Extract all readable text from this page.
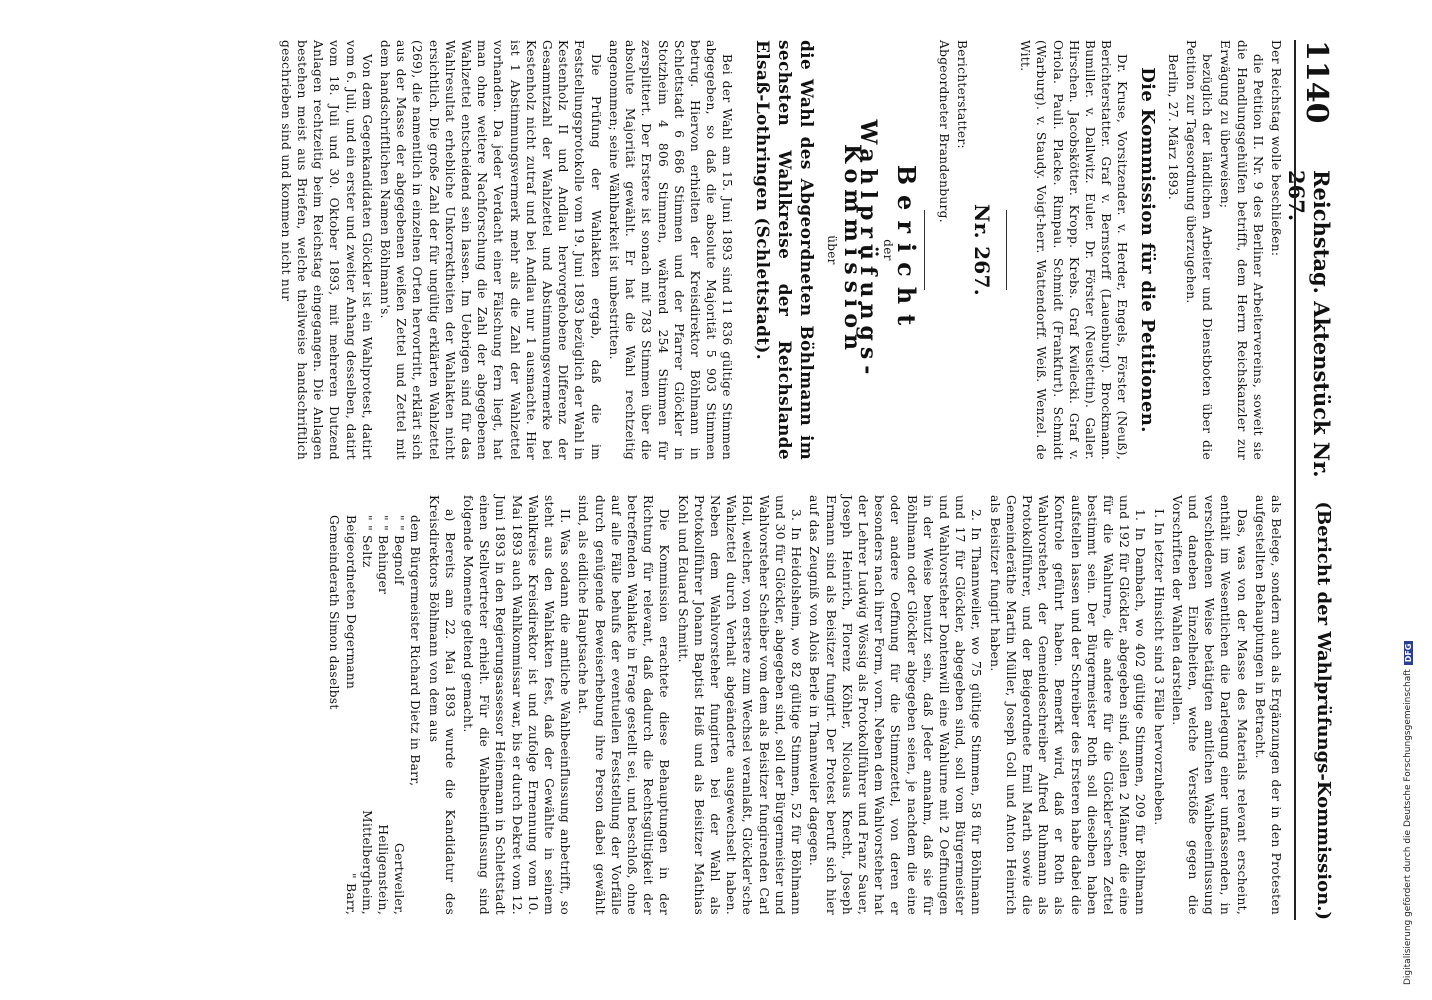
1140
Reichstag. Aktenstück Nr. 267.
(Bericht der Wahlprüfungs-Kommission.)

Der Reichstag wolle beschließen:

die Petition II. Nr. 9 des Berliner Arbeitervereins, soweit sie die Handlungsgehülfen betrifft, dem Herrn Reichskanzler zur Erwägung zu überweisen;

bezüglich der ländlichen Arbeiter und Dienstboten über die Petition zur Tagesordnung überzugehen.

Berlin, 27. März 1893.

Die Kommission für die Petitionen.

Dr. Kruse, Vorsitzender. v. Herder, Engels, Förster (Neuß), Berichterstatter. Graf v. Bernstorff (Lauenburg). Brockmann. Bumiller. v. Dallwitz. Euler. Dr. Förster (Neustettin). Galler. Hirschen. Jacobskötter. Kropp. Krebs. Graf Kwilecki. Graf v. Oriola. Pauli. Placke. Rimpau. Schmidt (Frankfurt). Schmidt (Warburg). v. Staudy. Voigt-herr. Wattendorff. Weiß. Wenzel. de Witt.

Nr. 267.

Berichterstatter:

Abgeordneter Brandenburg.

Bericht
der
Wahlprüfungs-Kommission
über
die Wahl des Abgeordneten Böhlmann im sechsten Wahlkreise der Reichslande Elsaß-Lothringen (Schlettstadt).

Bei der Wahl am 15. Juni 1893 sind 11 836 gültige Stimmen abgegeben, so daß die absolute Majorität 5 903 Stimmen betrug. Hiervon erhielten der Kreisdirektor Böhlmann in Schlettstadt 6 686 Stimmen und der Pfarrer Glöckler in Stotzheim 4 806 Stimmen, während 254 Stimmen für zersplittert. Der Erstere ist sonach mit 783 Stimmen über die absolute Majorität gewählt. Er hat die Wahl rechtzeitig angenommen; seine Wählbarkeit ist unbestritten.

Die Prüfung der Wahlakten ergab, daß die im Feststellungsprotokolle vom 19. Juni 1893 bezüglich der Wahl in Kestenholz II und Andlau hervorgehobene Differenz der Gesammtzahl der Wahlzettel und Abstimmungsvermerke bei Kestenholz nicht zutraf und bei Andlau nur 1 ausmachte. Hier ist 1 Abstimmungsvermerk mehr als die Zahl der Wahlzettel vorhanden. Da jeder Verdacht einer Fälschung fern liegt, hat man ohne weitere Nachforschung die Zahl der abgegebenen Wahlzettel entscheidend sein lassen. Im Uebrigen sind für das Wahlresultat erhebliche Unkorrektheiten der Wahlakten nicht ersichtlich. Die große Zahl der für ungültig erklärten Wahlzettel (269), die namentlich in einzelnen Orten hervortritt, erklärt sich aus der Masse der abgegebenen weißen Zettel und Zettel mit dem handschriftlichen Namen Böhlmann's.

Von dem Gegenkandidaten Glöckler ist ein Wahlprotest, datirt vom 6. Juli, und ein erster und zweiter Anhang desselben, datirt vom 18. Juli und 30. Oktober 1893, mit mehreren Dutzend Anlagen rechtzeitig beim Reichstag eingegangen. Die Anlagen bestehen meist aus Briefen, welche theilweise handschriftlich geschrieben sind und kommen nicht nur

als Belege, sondern auch als Ergänzungen der in den Protesten aufgestellten Behauptungen in Betracht.

Das, was von der Masse des Materials relevant erscheint, enthält im Wesentlichen die Darlegung einer umfassenden, in verschiedenen Weise betätigten amtlichen Wahlbeeinflussung und daneben Einzelheiten, welche Verstöße gegen die Vorschriften der Wahlen darstellen.

I. In letzter Hinsicht sind 3 Fälle hervorzuheben.

1. In Dambach, wo 402 gültige Stimmen, 209 für Böhlmann und 192 für Glöckler, abgegeben sind, sollen 2 Männer, die eine für die Wahlurne, die andere für die Glöckler'schen Zettel bestimmt sein. Der Bürgermeister Roth soll dieselben haben aufstellen lassen und der Schreiber des Ersteren habe dabei die Kontrole geführt haben. Bemerkt wird, daß er Roth als Wahlvorsteher, der Gemeindeschreiber Alfred Ruhmann als Protokollführer, und der Beigeordnete Emil Marth sowie die Gemeinderäthe Martin Müller, Joseph Goll und Anton Heinrich als Beisitzer fungirt haben.

2. In Thannweiler, wo 75 gültige Stimmen, 58 für Böhlmann und 17 für Glöckler, abgegeben sind, soll vom Bürgermeister und Wahlvorsteher Dontenwill eine Wahlurne mit 2 Oeffnungen in der Weise benutzt sein, daß Jeder annahm, daß sie für Böhlmann oder Glöckler abgegeben seien, je nachdem die eine oder andere Oeffnung für die Stimmzettel, von deren er besonders nach ihrer Form, vorn. Neben dem Wahlvorsteher hat der Lehrer Ludwig Wössig als Protokollführer und Franz Sauer, Joseph Heinrich, Florenz Köhler, Nicolaus Knecht, Joseph Ermann sind als Beisitzer fungirt. Der Protest beruft sich hier auf das Zeugniß von Alois Berle in Thannweiler dagegen.

3. In Heidolsheim, wo 82 gültige Stimmen, 52 für Böhlmann und 30 für Glöckler, abgegeben sind, soll der Bürgermeister und Wahlvorsteher Scheiber vom dem als Beisitzer fungirenden Carl Holl, welcher, von erstere zum Wechsel veranlaßt, Glöckler'sche Wahlzettel durch Verhalt abgeänderte ausgewechselt haben. Neben dem Wahlvorsteher fungirten bei der Wahl als Protokollführer Johann Baptist Heiß und als Beisitzer Mathias Kohl und Eduard Schmitt.

Die Kommission erachtete diese Behauptungen in der Richtung für relevant, daß dadurch die Rechtsgültigkeit der betreffenden Wahlakte in Frage gestellt sei, und beschloß, ohne auf alle Fälle behufs der eventuellen Feststellung der Vorfälle durch genügende Beweiserhebung ihre Person dabei gewählt sind, als eidliche Hauptsache hat.

II. Was sodann die amtliche Wahlbeeinflussung anbetrifft, so steht aus den Wahlakten fest, daß der Gewählte in seinem Wahlkreise Kreisdirektor ist und zufolge Ernennung vom 10. Mai 1893 auch Wahlkommissar war, bis er durch Dekret vom 12. Juni 1893 in den Regierungsassessor Heinemann in Schlettstadt einen Stellvertreter erhielt. Für die Wahlbeeinflussung sind folgende Momente geltend gemacht.

a) Bereits am 22. Mai 1893 wurde die Kandidatur des Kreisdirektors Böhlmann von dem aus

dem Bürgermeister Richard Dietz in Barr,
" " Begnolf
Gertweiler,
" " Behinger
Heiligenstein,
" " Seltz
Mittelbergheim,
Beigeordneten Degermann
" Barr,
Gemeinderath Simon daselbst
Digitalisierung gefördert durch die Deutsche Forschungsgemeinschaft
DFG
